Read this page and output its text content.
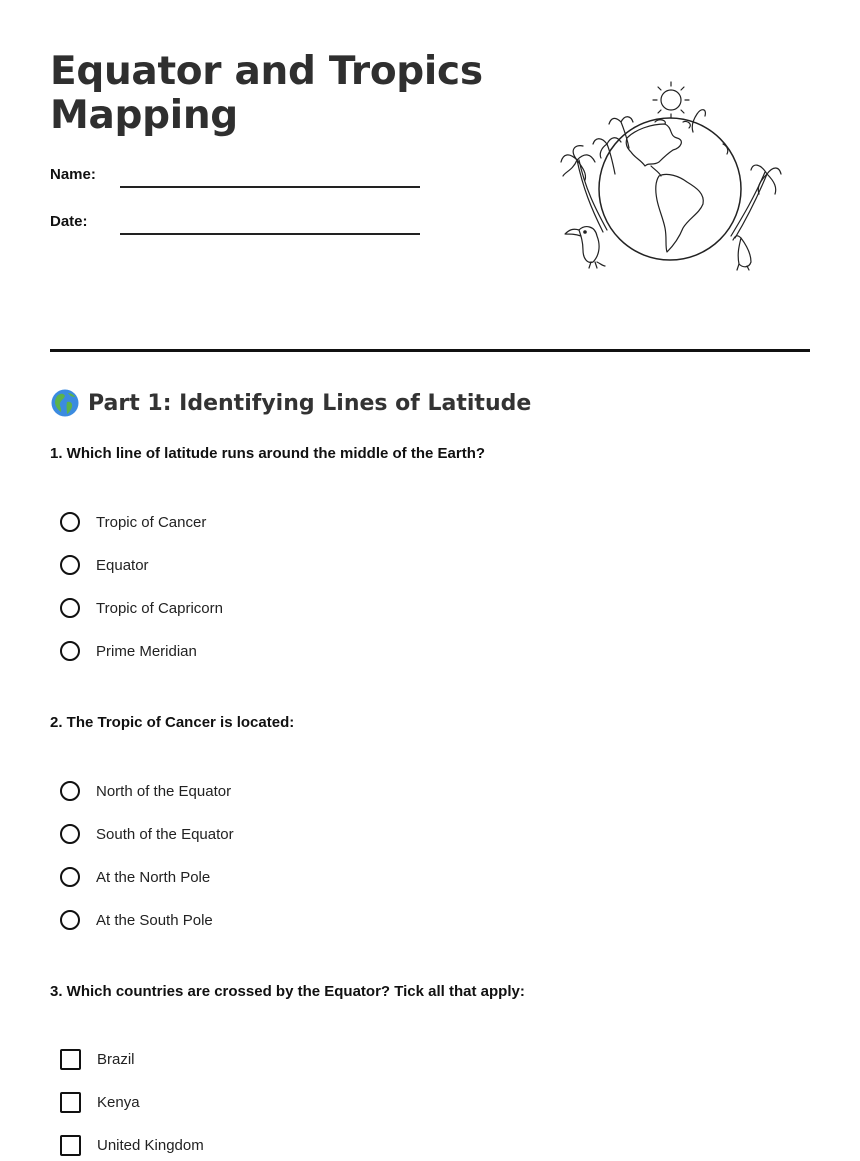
Equator and Tropics Mapping
Name:
Date:
Part 1: Identifying Lines of Latitude

1. Which line of latitude runs around the middle of the Earth?

Tropic of Cancer
Equator
Tropic of Capricorn
Prime Meridian

2. The Tropic of Cancer is located:

North of the Equator
South of the Equator
At the North Pole
At the South Pole

3. Which countries are crossed by the Equator? Tick all that apply:

Brazil
Kenya
United Kingdom
